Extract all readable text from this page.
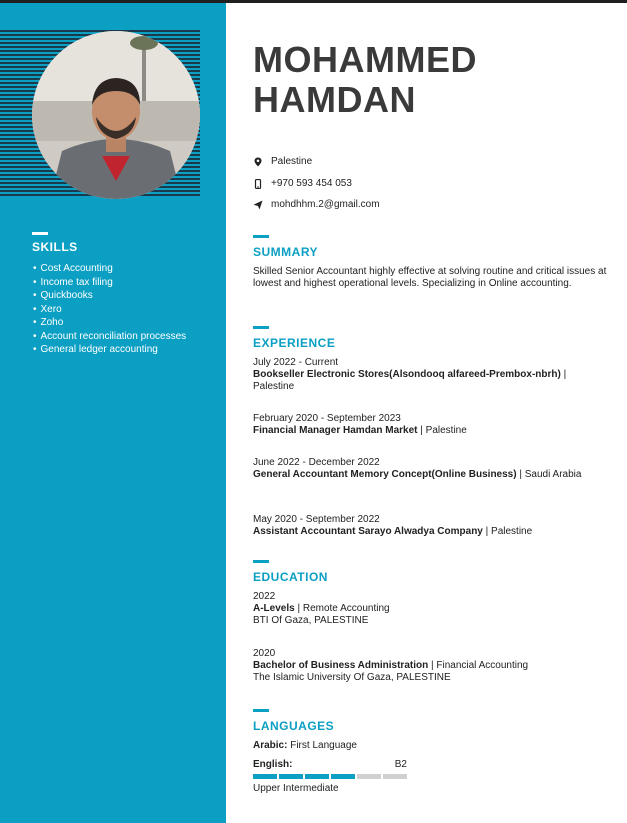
SKILLS
• Cost Accounting
• Income tax filing
• Quickbooks
• Xero
• Zoho
• Account reconciliation processes
• General ledger accounting
MOHAMMED
HAMDAN
Palestine
+970 593 454 053
mohdhhm.2@gmail.com
SUMMARY
Skilled Senior Accountant highly effective at solving routine and critical issues at lowest and highest operational levels. Specializing in Online accounting.
EXPERIENCE
July 2022 - Current
Bookseller Electronic Stores(Alsondooq alfareed-Prembox-nbrh) | Palestine
February 2020 - September 2023
Financial Manager Hamdan Market | Palestine
June 2022 - December 2022
General Accountant Memory Concept(Online Business) | Saudi Arabia
May 2020 - September 2022
Assistant Accountant Sarayo Alwadya Company | Palestine
EDUCATION
2022
A-Levels | Remote Accounting
BTI Of Gaza, PALESTINE
2020
Bachelor of Business Administration | Financial Accounting
The Islamic University Of Gaza, PALESTINE
LANGUAGES
Arabic: First Language
English:	B2
Upper Intermediate
